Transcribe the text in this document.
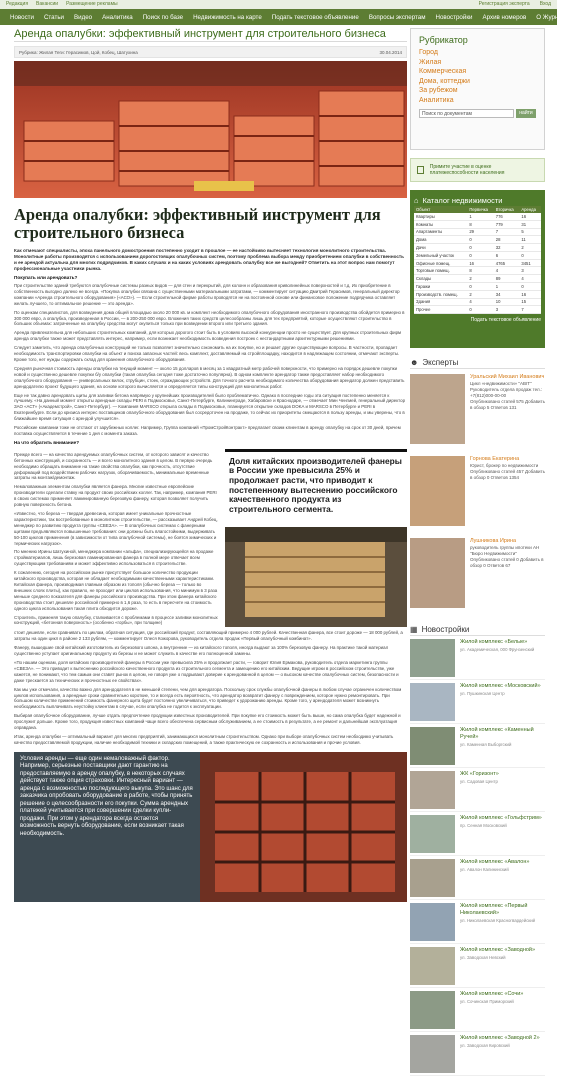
Редакция Вакансии Размещение рекламы	Регистрация эксперта Вход
Новости Статьи Видео Аналитика Поиск по базе Недвижимость на карте Подать текстовое объявление Вопросы экспертам Новостройки Архив номеров О Журнале
Аренда опалубки: эффективный инструмент для строительного бизнеса
Рубрика: Жилая Теги: Герасимов, Цой, Кобец, Шатухина	30.04.2014
Аренда опалубки: эффективный инструмент для строительного бизнеса
Как отмечают специалисты, эпоха панельного домостроения постепенно уходит в прошлое — ее настойчиво вытесняет технология монолитного строительства. Монолитные работы производятся с использованием дорогостоящих опалубочных систем, поэтому проблема выбора между приобретением опалубки в собственность и ее арендой актуальна для многих подрядчиков. В каких случаях и на каких условиях арендовать опалубку все же выгодней? Ответить на этот вопрос нам помогут профессиональные участники рынка.
Покупать или арендовать?
При строительстве зданий требуются опалубочные системы разных видов — для стен и перекрытий, для колонн и образования криволинейных поверхностей и т.д. Их приобретение в собственность выгодно далеко не всегда. «Покупка опалубки связана с существенными материальными затратами, — комментирует ситуацию Дмитрий Герасимов, генеральный директор компании «Аренда строительного оборудования» («АСО»). — Если строительной фирме работы проводятся не на постоянной основе или финансовое положение подрядчика оставляет желать лучшего, то оптимальное решение — это аренда».
По оценкам специалистов, для возведения дома общей площадью около 20 000 кв. м комплект необходимого опалубочного оборудования иностранного производства обойдется примерно в 300 000 евро, а опалубка, произведенная в России, — в 200-250 000 евро. Вложения таких средств целесообразны лишь для тех предприятий, которые осуществляют строительство в больших объемах: затраченные на опалубку средства могут окупиться только при возведении второго или третьего здания.
Аренда привлекательна для небольших строительных компаний, для которых дорогого стоит быть в условиях высокой конкуренции просто не существует. Для крупных строительных фирм аренда опалубки также может представлять интерес, например, если возникает необходимость возведения построек с нестандартными архитектурными решениями.
Следует заметить, что аренда опалубочных конструкций не только позволяет значительно сэкономить на их покупке, но и решает другие существующие вопросы. В частности, пропадает необходимость транспортировки опалубки на объект и поиска запасных частей: весь комплект, доставляемый на стройплощадку, находится в надлежащем состоянии, отмечают эксперты. Кроме того, нет нужды содержать склад для хранения опалубочного оборудования.
Средняя рыночная стоимость аренды опалубки на текущий момент — около 15 долларов в месяц за 1 квадратный метр рабочей поверхности, что примерно на порядок дешевле покупки новой и существенно дешевле покупки б/у опалубки (такая опалубка сегодня тоже достаточно популярна). В одном комплекте арендатор также предоставляет набор необходимого опалубочного оборудования — универсальных вилок, струбцин, стоек, ограждающих устройств. Для точного расчета необходимого количества оборудования арендатор должен представить арендодателю проект будущего здания, на основе которого вычисляется и определяется типы конструкций для монолитных работ.
Еще не так давно арендовать щиты для заливки бетона напрямую у крупнейших производителей было проблематично. Однако в последние годы эта ситуация постепенно меняется к лучшему. «На данный момент открыты арендные склады PERI в Подмосковье, Санкт-Петербурге, Калининграде, Хабаровске и Краснодаре, — отмечает Мин Ченгмей, генеральный директор ЗАО «АСТ» («Академстрой», Санкт-Петербург). — Компания MARSCO открыла склады в Подмосковье, планируется открытие складов DOKA и MARSCO в Петербурге и PERI в Екатеринбурге. Если до кризиса интерес поставщиков опалубочного оборудования был сосредоточен на продаже, то сейчас их приоритеты смещаются в пользу аренды, и мы уверены, что в ближайшее время ситуация с арендой улучшится».
Российские компании тоже не отстают от зарубежных коллег. Например, Группа компаний «ПромСтройКонтракт» предлагает своим клиентам в аренду опалубку на срок от 30 дней, причем поставка осуществляется в течение 1 дня с момента заказа.
На что обратить внимание?
Прежде всего — на качество арендуемых опалубочных систем, от которого зависят и качество бетонных конструкций, и сохранность — и всего монолитного здания в целом. В первую очередь необходимо обращать внимание на такие свойства опалубки, как прочность, отсутствие деформаций под воздействием рабочих нагрузок, оборачиваемость, минимальные временные затраты на монтаж/демонтаж.
Немаловажным элементом опалубки является фанера. Многие известные европейские производители сделали ставку на продукт своих российских коллег. Так, например, компания PERI в своих системах применяет ламинированную березовую фанеру, которая позволяет получить ровную поверхность бетона.
«Известно, что береза — твердая древесина, которая имеет уникальные прочностные характеристики, так востребованные в монолитном строительстве, — рассказывает Андрей Кобец, менеджер по развитию продукта группы «СВЕЗА». — В опалубочных системах с фанерными щитами предъявляются повышенные требования: они должны быть влагостойкими, выдерживать 50-100 циклов применения (в зависимости от типа опалубочной системы), не боятся химических и термических нагрузок».
По мнению Ирины Шатухиной, менеджера компании «альфа», специализирующейся на продаже стройматериалов, лишь березовая ламинированная фанера в полной мере отвечает всем существующим требованиям и может эффективно использоваться в строительстве.
К сожалению, сегодня на российском рынке присутствует большое количество продукции китайского производства, которая не обладает необходимыми качественными характеристиками. Китайская фанера, производимая главным образом из тополя (обычно береза — только во внешних слоях плиты), как правило, не проходит или циклов использования, что минимум в 3 раза меньше среднего показателя для фанеры российского производства. При этом фанера китайского производства стоит дешевле российской примерно в 1,6 раза, то есть в пересчете на стоимость одного цикла использования такая плита обходится дороже.
Строитель, применяя такую опалубку, сталкивается с проблемами в процессе заливки монолитных конструкций, «бетонная поверхность» (особенно «горбы», при толщине)
Доля китайских производителей фанеры в России уже превысила 25% и продолжает расти, что приводит к постепенному вытеснению российского качественного продукта из строительного сегмента.
стоит дешевле, если сравнивать по циклам, обратная ситуация, где российский продукт, составляющий примерно 4 000 рублей. Качественная фанера, все стоит дороже — 18 000 рублей, а затраты на один цикл в районе 2 133 рублям, — комментирует Олеся Кожорова, руководитель отдела продаж «Первый опалубочный комбинат».
Фанеру, вышедшие свой китайский изготовитель из березового шпона, а внутренние — из китайского тополя, иногда выдают за 100% березовую фанеру. На практике такой материал существенно уступает оригинальному продукту из березы и не может служить в качестве его полноценной замены.
«По нашим оценкам, доля китайских производителей фанеры в России уже превысила 25% и продолжает расти, — говорит Юлия Ермакова, руководитель отдела маркетинга группы «СВЕЗА». — Это приводит к вытеснению российского качественного продукта из строительного сегмента и замещению его китайским. Ведущие игроки в российском строительстве, уже кажется, не понимают, что тем самым они ставят рынок в целом, не говоря уже о подрывают доверие к арендованной в целом — о высоком качестве опалубочных систем, безопасности и даже трескается за технических и прочностных ее свойствах».
Как мы уже отмечали, качество важно для арендодателя в не меньшей степени, чем для арендатора. Поскольку срок службы опалубочной фанеры в любом случае ограничен количеством циклов использования, а арендные сроки сравнительно короткие, то и всегда есть вероятность, что арендатор возвратит фанеру с повреждением, которое нужно ремонтировать. При большом количестве применений стоимость фанерного щита будет постоянно увеличиваться, что приведет к удорожанию аренды. Кроме того, у арендодателя может возникнуть необходимость выплачивать неустойку клиентам в случае, если опалубка не годится к эксплуатации.
Выбирая опалубочное оборудование, лучше отдать предпочтение продукции известных производителей. При покупке его стоимость может быть выше, но сама опалубка будет надежной и прослужит дольше. Кроме того, продукция известных компаний чаще всего обеспечена сервисным обслуживанием, а ее стоимость в результате, а ее ремонт и дальнейшая эксплуатация оправдана.
Итак, аренда опалубки — оптимальный вариант для многих предприятий, занимающихся монолитным строительством. Однако при выборе опалубочных систем необходимо учитывать качество предоставляемой продукции, наличие необходимой техники и складских помещений, а также практическую ее сохранность и использования и прочие условия.
Условия аренды — еще один немаловажный фактор. Например, серьезные поставщики дают гарантию на предоставляемую в аренду опалубку, в некоторых случаях действует также опция страховки. Интересный вариант — аренда с возможностью последующего выкупа. Это шанс для заказчика опробовать оборудование в работе, чтобы принять решение о целесообразности его покупки. Сумма арендных платежей учитывается при совершении сделки купли-продажи. При этом у арендатора всегда остается возможность вернуть оборудование, если возникает такая необходимость.
Рубрикатор
Город
Жилая
Коммерческая
Дома, коттеджи
За рубежом
Аналитика
Поиск по документам	найти
Примите участие в оценке платежеспособности населения
⌂ Каталог недвижимости
Объект	Первичка	Вторичка	Аренда
Квартиры	1	776	16
Комнаты	8	779	31
Апартаменты	29	7	5
Дома	0	28	11
Дачи	0	32	2
Земельный участок	0	6	0
Офисные помещ.	16	4765	3451
Торговые помещ.	8	4	3
Склады	2	89	4
Гаражи	0	1	0
Производств. помещ.	2	34	16
Здания	4	10	15
Прочее	0	3	7
Подать текстовое объявление
☻ Эксперты
Уральский Михаил Иванович
Цикл «недвижимости» "ABIT" Руководитель отдела продаж тел.: +7(812)000-00-00
Опубликовано статей 575 Добавить в обзор 5 Ответов 131
Горнова Екатерина
Юрист, брокер по недвижимости
Опубликовано статей 457 Добавить в обзор 0 Ответов 1354
Лушникова Ирина
руководитель группы ипотеки АН "Бюро Недвижимости"
Опубликовано статей 0 Добавить в обзор 0 Ответов 67
▦ Новостройки
Жилой комплекс «Белые»
ул. Академическая, 000 Фрунзенский
Жилой комплекс «Московский»
ул. Пушкинская Центр
Жилой комплекс «Каменный Ручей»
ул. Каменная Выборгский
ЖК «Горизонт»
ул. Садовая Центр
Жилой комплекс «Гольфстрим»
пр. Сенная Московский
Жилой комплекс «Авалон»
ул. Авалон Калининский
Жилой комплекс «Первый Николаевский»
ул. Николаевская Красногвардейский
Жилой комплекс «Заводной»
ул. Заводская Невский
Жилой комплекс «Сочи»
ул. Сочинская Приморский
Жилой комплекс «Заводной 2»
ул. Заводская Кировский
